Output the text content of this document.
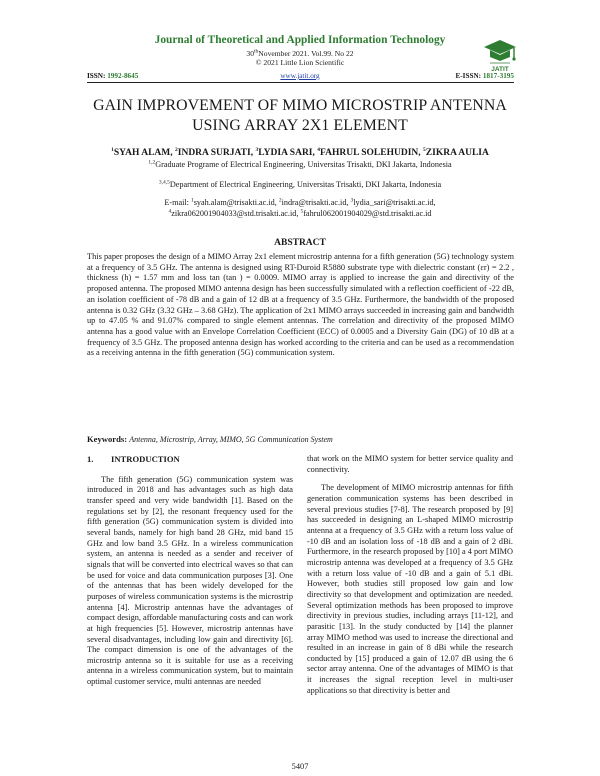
Journal of Theoretical and Applied Information Technology
30thNovember 2021. Vol.99. No 22
© 2021 Little Lion Scientific
JATIT
ISSN: 1992-8645	www.jatit.org	E-ISSN: 1817-3195
GAIN IMPROVEMENT OF MIMO MICROSTRIP ANTENNA
USING ARRAY 2X1 ELEMENT
$^1$SYAH ALAM, $^2$INDRA SURJATI, $^3$LYDIA SARI, $^4$FAHRUL SOLEHUDIN, $^5$ZIKRA AULIA
$^{1,2}$Graduate Programe of Electrical Engineering, Universitas Trisakti, DKI Jakarta, Indonesia
$^{3,4,5}$Department of Electrical Engineering, Universitas Trisakti, DKI Jakarta, Indonesia
E-mail: $^1$syah.alam@trisakti.ac.id, $^2$indra@trisakti.ac.id, $^3$lydia_sari@trisakti.ac.id,
$^4$zikra062001904033@std.trisakti.ac.id, $^5$fahrul062001904029@std.trisakti.ac.id
ABSTRACT
This paper proposes the design of a MIMO Array 2x1 element microstrip antenna for a fifth generation (5G) technology system at a frequency of 3.5 GHz. The antenna is designed using RT-Duroid R5880 substrate type with dielectric constant (εr) = 2.2 , thickness (h) = 1.57 mm and loss tan (tan ) = 0.0009. MIMO array is applied to increase the gain and directivity of the proposed antenna. The proposed MIMO antenna design has been successfully simulated with a reflection coefficient of -22 dB, an isolation coefficient of -78 dB and a gain of 12 dB at a frequency of 3.5 GHz. Furthermore, the bandwidth of the proposed antenna is 0.32 GHz (3.32 GHz – 3.68 GHz). The application of 2x1 MIMO arrays succeeded in increasing gain and bandwidth up to 47.05 % and 91.07% compared to single element antennas. The correlation and directivity of the proposed MIMO antenna has a good value with an Envelope Correlation Coefficient (ECC) of 0.0005 and a Diversity Gain (DG) of 10 dB at a frequency of 3.5 GHz. The proposed antenna design has worked according to the criteria and can be used as a recommendation as a receiving antenna in the fifth generation (5G) communication system.
Keywords: Antenna, Microstrip, Array, MIMO, 5G Communication System
1. INTRODUCTION

The fifth generation (5G) communication system was introduced in 2018 and has advantages such as high data transfer speed and very wide bandwidth [1]. Based on the regulations set by [2], the resonant frequency used for the fifth generation (5G) communication system is divided into several bands, namely for high band 28 GHz, mid band 15 GHz and low band 3.5 GHz. In a wireless communication system, an antenna is needed as a sender and receiver of signals that will be converted into electrical waves so that can be used for voice and data communication purposes [3]. One of the antennas that has been widely developed for the purposes of wireless communication systems is the microstrip antenna [4]. Microstrip antennas have the advantages of compact design, affordable manufacturing costs and can work at high frequencies [5]. However, microstrip antennas have several disadvantages, including low gain and directivity [6]. The compact dimension is one of the advantages of the microstrip antenna so it is suitable for use as a receiving antenna in a wireless communication system, but to maintain optimal customer service, multi antennas are needed

that work on the MIMO system for better service quality and connectivity.

The development of MIMO microstrip antennas for fifth generation communication systems has been described in several previous studies [7-8]. The research proposed by [9] has succeeded in designing an L-shaped MIMO microstrip antenna at a frequency of 3.5 GHz with a return loss value of -10 dB and an isolation loss of -18 dB and a gain of 2 dBi. Furthermore, in the research proposed by [10] a 4 port MIMO microstrip antenna was developed at a frequency of 3.5 GHz with a return loss value of -10 dB and a gain of 5.1 dBi. However, both studies still proposed low gain and low directivity so that development and optimization are needed. Several optimization methods has been proposed to improve directivity in previous studies, including arrays [11-12], and parasitic [13]. In the study conducted by [14] the planner array MIMO method was used to increase the directional and resulted in an increase in gain of 8 dBi while the research conducted by [15] produced a gain of 12.07 dB using the 6 sector array antenna. One of the advantages of MIMO is that it increases the signal reception level in multi-user applications so that directivity is better and

5407
